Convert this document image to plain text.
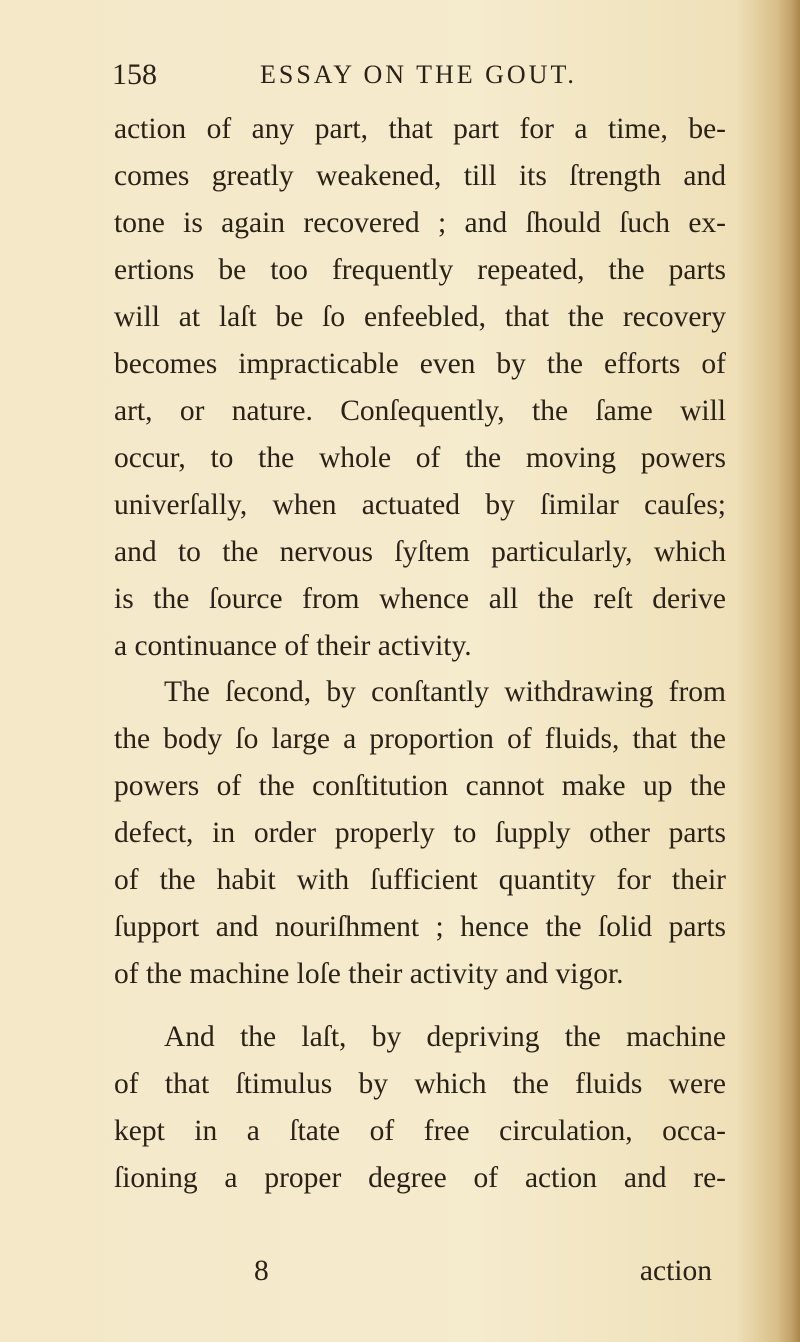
158	ESSAY ON THE GOUT.
action of any part, that part for a time, be-
comes greatly weakened, till its ſtrength and
tone is again recovered ; and ſhould ſuch ex-
ertions be too frequently repeated, the parts
will at laſt be ſo enfeebled, that the recovery
becomes impracticable even by the efforts of
art, or nature. Conſequently, the ſame will
occur, to the whole of the moving powers
univerſally, when actuated by ſimilar cauſes;
and to the nervous ſyſtem particularly, which
is the ſource from whence all the reſt derive
a continuance of their activity.
The ſecond, by conſtantly withdrawing from
the body ſo large a proportion of fluids, that the
powers of the conſtitution cannot make up the
defect, in order properly to ſupply other parts
of the habit with ſufficient quantity for their
ſupport and nouriſhment ; hence the ſolid parts
of the machine loſe their activity and vigor.
And the laſt, by depriving the machine
of that ſtimulus by which the fluids were
kept in a ſtate of free circulation, occa-
ſioning a proper degree of action and re-
8	action
